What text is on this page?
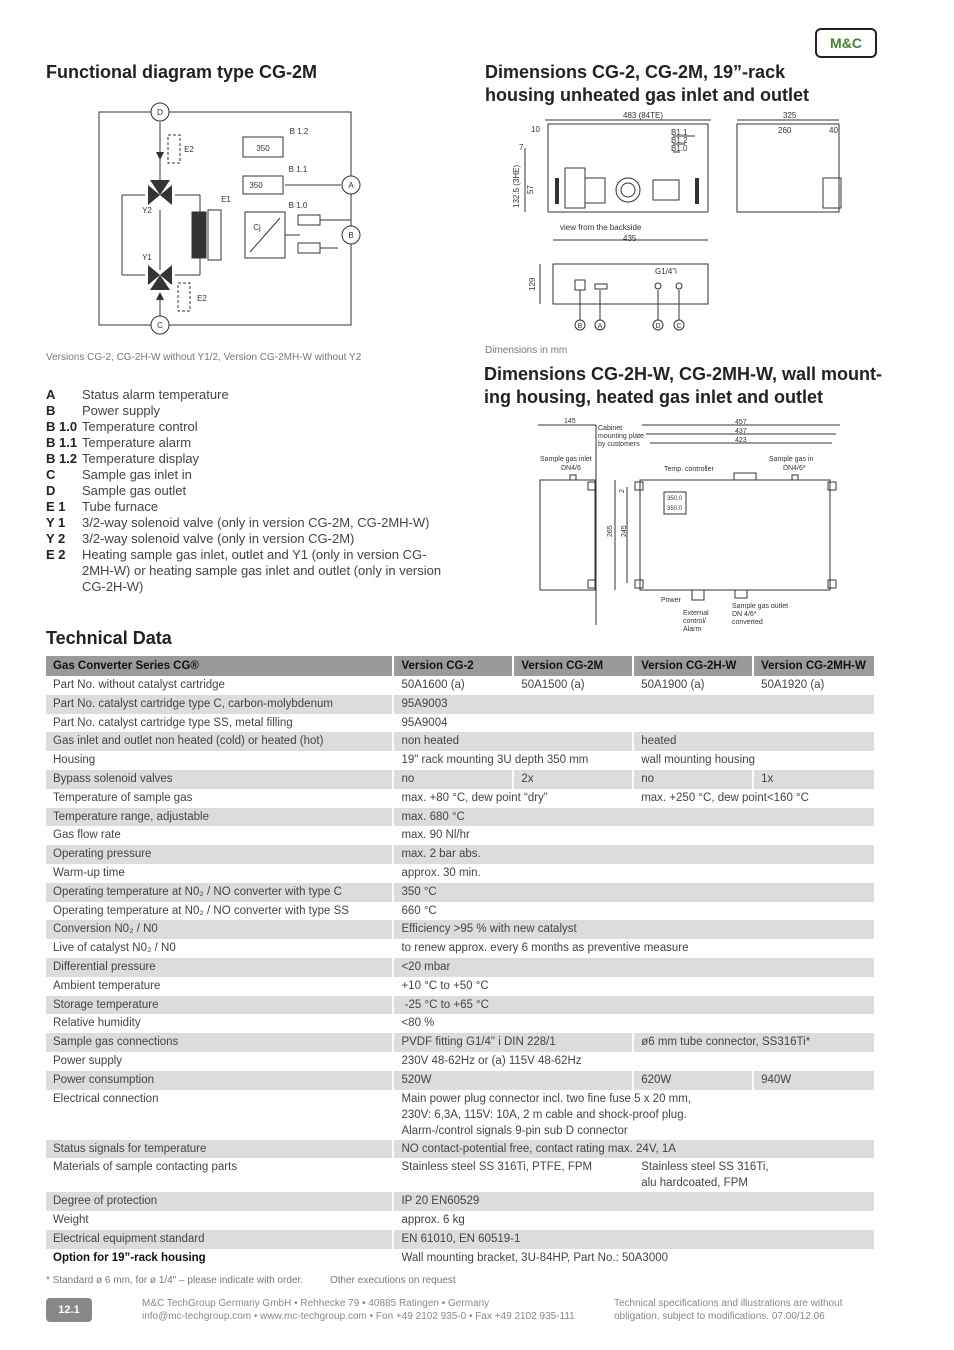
M&C
Functional diagram type CG-2M	Dimensions CG-2, CG-2M, 19”-rack
housing unheated gas inlet and outlet
D
E2
B 1.2
350
B 1.1
350	A
E1
Y2
B 1.0
Cj
B
Y1
E2
C
Versions CG-2, CG-2H-W without Y1/2, Version CG-2MH-W without Y2
483 (84TE)
10
7
B1.1
B1.2
B1.0
132.5 (3HE) 57
325
260	40
view from the backside
435
129
G1/4"i
B A	D C
Dimensions in mm
Dimensions CG-2H-W, CG-2MH-W, wall mount-
ing housing, heated gas inlet and outlet
145
Cabinet
mounting plate
by customers
457
437
423
Sample gas inlet
DN4/6	Temp. controller
Sample gas in
DN4/6*
2
265 245
350.0
350.0
Power
External
control/
Alarm
Sample gas outlet
DN 4/6*
converted
A	Status alarm temperature
B	Power supply
B 1.0 Temperature control
B 1.1 Temperature alarm
B 1.2 Temperature display
C	Sample gas inlet in
D	Sample gas outlet
E 1	Tube furnace
Y 1	3/2-way solenoid valve (only in version CG-2M, CG-2MH-W)
Y 2	3/2-way solenoid valve (only in version CG-2M)
E 2	Heating sample gas inlet, outlet and Y1 (only in version CG-2MH-W) or heating sample gas inlet and outlet (only in version CG-2H-W)
Technical Data
Gas Converter Series CG®	Version CG-2	Version CG-2M	Version CG-2H-W	Version CG-2MH-W
Part No. without catalyst cartridge	50A1600 (a)	50A1500 (a)	50A1900 (a)	50A1920 (a)
Part No. catalyst cartridge type C, carbon-molybdenum	95A9003			
Part No. catalyst cartridge type SS, metal filling	95A9004			
Gas inlet and outlet non heated (cold) or heated (hot)	non heated		heated	
Housing	19" rack mounting 3U depth 350 mm		wall mounting housing	
Bypass solenoid valves	no	2x	no	1x
Temperature of sample gas	max. +80 °C, dew point “dry”		max. +250 °C, dew point<160 °C	
Temperature range, adjustable	max. 680 °C			
Gas flow rate	max. 90 Nl/hr			
Operating pressure	max. 2 bar abs.			
Warm-up time	approx. 30 min.			
Operating temperature at N0₂ / NO converter with type C	350 °C			
Operating temperature at N0₂ / NO converter with type SS	660 °C			
Conversion N0₂ / N0	Efficiency >95 % with new catalyst			
Live of catalyst N0₂ / N0	to renew approx. every 6 months as preventive measure			
Differential pressure	<20 mbar			
Ambient temperature	+10 °C to +50 °C			
Storage temperature	-25 °C to +65 °C			
Relative humidity	<80 %			
Sample gas connections	PVDF fitting G1/4" i DIN 228/1		ø6 mm tube connector, SS316Ti*	
Power supply	230V 48-62Hz or (a) 115V 48-62Hz			
Power consumption	520W		620W	940W
Electrical connection	Main power plug connector incl. two fine fuse 5 x 20 mm,
230V: 6,3A, 115V: 10A, 2 m cable and shock-proof plug.
Alarm-/control signals 9-pin sub D connector			

Status signals for temperature	NO contact-potential free, contact rating max. 24V, 1A			
Materials of sample contacting parts	Stainless steel SS 316Ti, PTFE, FPM		Stainless steel SS 316Ti,
alu hardcoated, FPM	

Degree of protection	IP 20 EN60529			
Weight	approx. 6 kg			
Electrical equipment standard	EN 61010, EN 60519-1			
Option for 19”-rack housing	Wall mounting bracket, 3U-84HP, Part No.: 50A3000			
* Standard ø 6 mm, for ø 1/4" – please indicate with order.	Other executions on request
12.1
M&C TechGroup Germany GmbH • Rehhecke 79 • 40885 Ratingen • Germany
info@mc-techgroup.com • www.mc-techgroup.com • Fon +49 2102 935-0 • Fax +49 2102 935-111
Technical specifications and illustrations are without
obligation, subject to modifications. 07.00/12.06
